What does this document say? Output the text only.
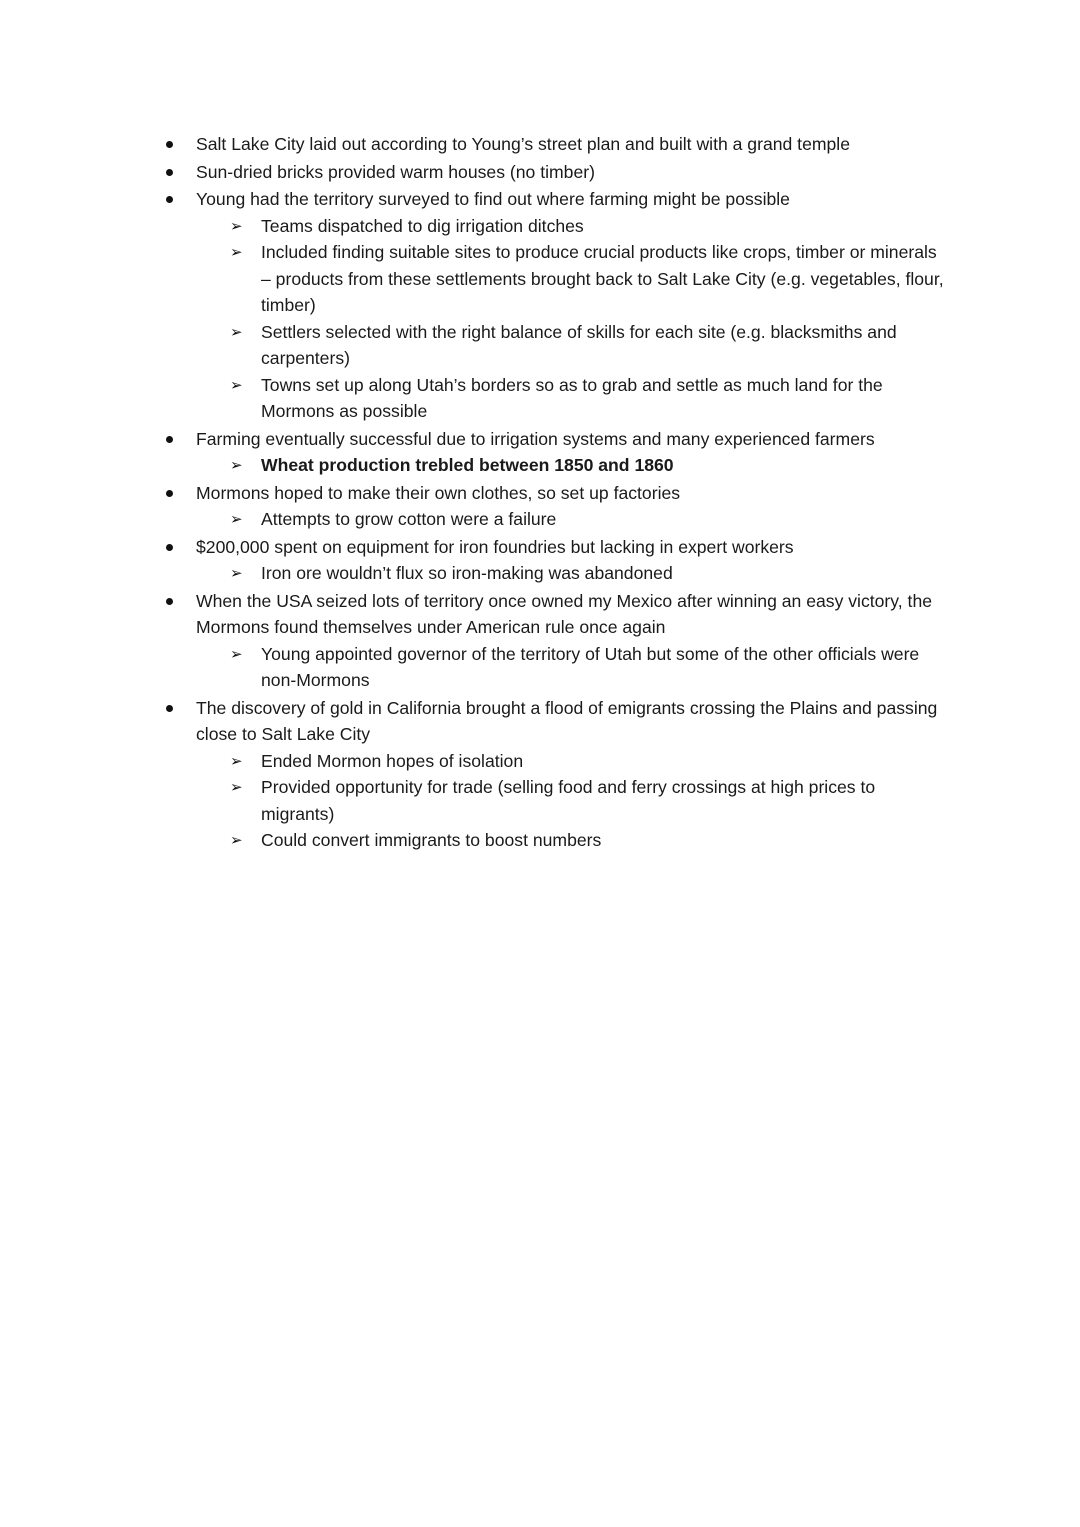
Salt Lake City laid out according to Young’s street plan and built with a grand temple
Sun-dried bricks provided warm houses (no timber)
Young had the territory surveyed to find out where farming might be possible
➢ Teams dispatched to dig irrigation ditches
➢ Included finding suitable sites to produce crucial products like crops, timber or minerals – products from these settlements brought back to Salt Lake City (e.g. vegetables, flour, timber)
➢ Settlers selected with the right balance of skills for each site (e.g. blacksmiths and carpenters)
➢ Towns set up along Utah’s borders so as to grab and settle as much land for the Mormons as possible
Farming eventually successful due to irrigation systems and many experienced farmers
➢ Wheat production trebled between 1850 and 1860
Mormons hoped to make their own clothes, so set up factories
➢ Attempts to grow cotton were a failure
$200,000 spent on equipment for iron foundries but lacking in expert workers
➢ Iron ore wouldn’t flux so iron-making was abandoned
When the USA seized lots of territory once owned my Mexico after winning an easy victory, the Mormons found themselves under American rule once again
➢ Young appointed governor of the territory of Utah but some of the other officials were non-Mormons
The discovery of gold in California brought a flood of emigrants crossing the Plains and passing close to Salt Lake City
➢ Ended Mormon hopes of isolation
➢ Provided opportunity for trade (selling food and ferry crossings at high prices to migrants)
➢ Could convert immigrants to boost numbers
